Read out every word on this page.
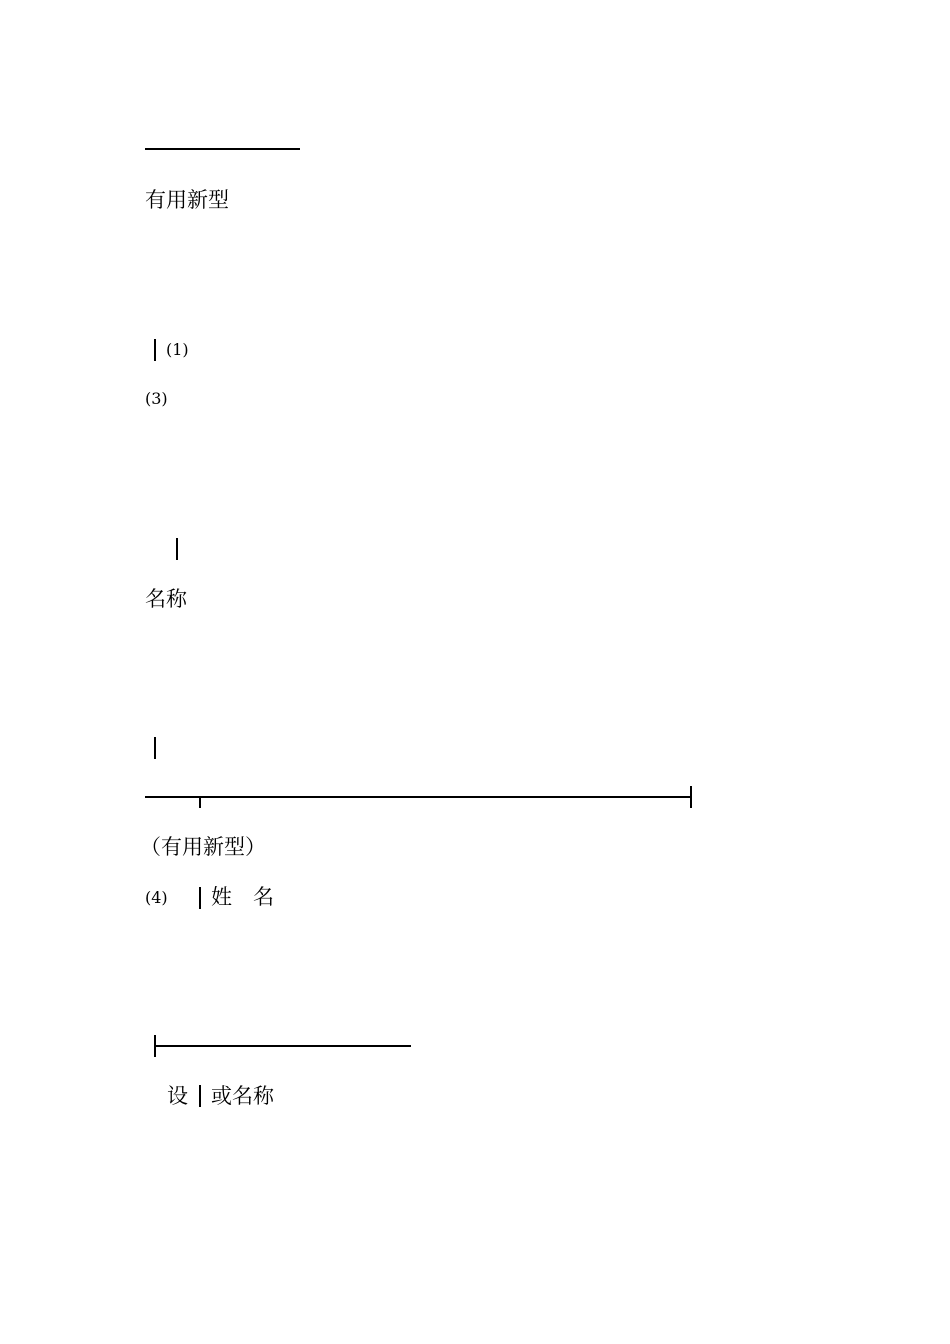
有用新型
(1)
(3)
名称
（有用新型）
(4) 姓　名
设 或名称
